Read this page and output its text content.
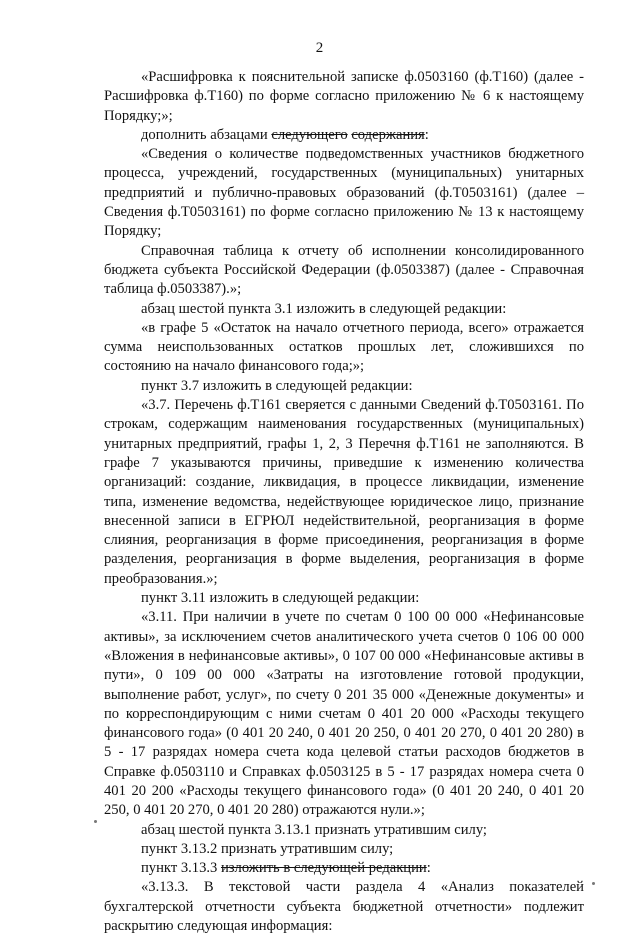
2

«Расшифровка к пояснительной записке ф.0503160 (ф.Т160) (далее - Расшифровка ф.Т160) по форме согласно приложению № 6 к настоящему Порядку;»;

дополнить абзацами следующего содержания:

«Сведения о количестве подведомственных участников бюджетного процесса, учреждений, государственных (муниципальных) унитарных предприятий и публично-правовых образований (ф.Т0503161) (далее – Сведения ф.Т0503161) по форме согласно приложению № 13 к настоящему Порядку;

Справочная таблица к отчету об исполнении консолидированного бюджета субъекта Российской Федерации (ф.0503387) (далее - Справочная таблица ф.0503387).»;

абзац шестой пункта 3.1 изложить в следующей редакции:

«в графе 5 «Остаток на начало отчетного периода, всего» отражается сумма неиспользованных остатков прошлых лет, сложившихся по состоянию на начало финансового года;»;

пункт 3.7 изложить в следующей редакции:

«3.7. Перечень ф.Т161 сверяется с данными Сведений ф.Т0503161. По строкам, содержащим наименования государственных (муниципальных) унитарных предприятий, графы 1, 2, 3 Перечня ф.Т161 не заполняются. В графе 7 указываются причины, приведшие к изменению количества организаций: создание, ликвидация, в процессе ликвидации, изменение типа, изменение ведомства, недействующее юридическое лицо, признание внесенной записи в ЕГРЮЛ недействительной, реорганизация в форме слияния, реорганизация в форме присоединения, реорганизация в форме разделения, реорганизация в форме выделения, реорганизация в форме преобразования.»;

пункт 3.11 изложить в следующей редакции:

«3.11. При наличии в учете по счетам 0 100 00 000 «Нефинансовые активы», за исключением счетов аналитического учета счетов 0 106 00 000 «Вложения в нефинансовые активы», 0 107 00 000 «Нефинансовые активы в пути», 0 109 00 000 «Затраты на изготовление готовой продукции, выполнение работ, услуг», по счету 0 201 35 000 «Денежные документы» и по корреспондирующим с ними счетам 0 401 20 000 «Расходы текущего финансового года» (0 401 20 240, 0 401 20 250, 0 401 20 270, 0 401 20 280) в 5 - 17 разрядах номера счета кода целевой статьи расходов бюджетов в Справке ф.0503110 и Справках ф.0503125 в 5 - 17 разрядах номера счета 0 401 20 200 «Расходы текущего финансового года» (0 401 20 240, 0 401 20 250, 0 401 20 270, 0 401 20 280) отражаются нули.»;

абзац шестой пункта 3.13.1 признать утратившим силу;

пункт 3.13.2 признать утратившим силу;

пункт 3.13.3 изложить в следующей редакции:

«3.13.3. В текстовой части раздела 4 «Анализ показателей бухгалтерской отчетности субъекта бюджетной отчетности» подлежит раскрытию следующая информация:
